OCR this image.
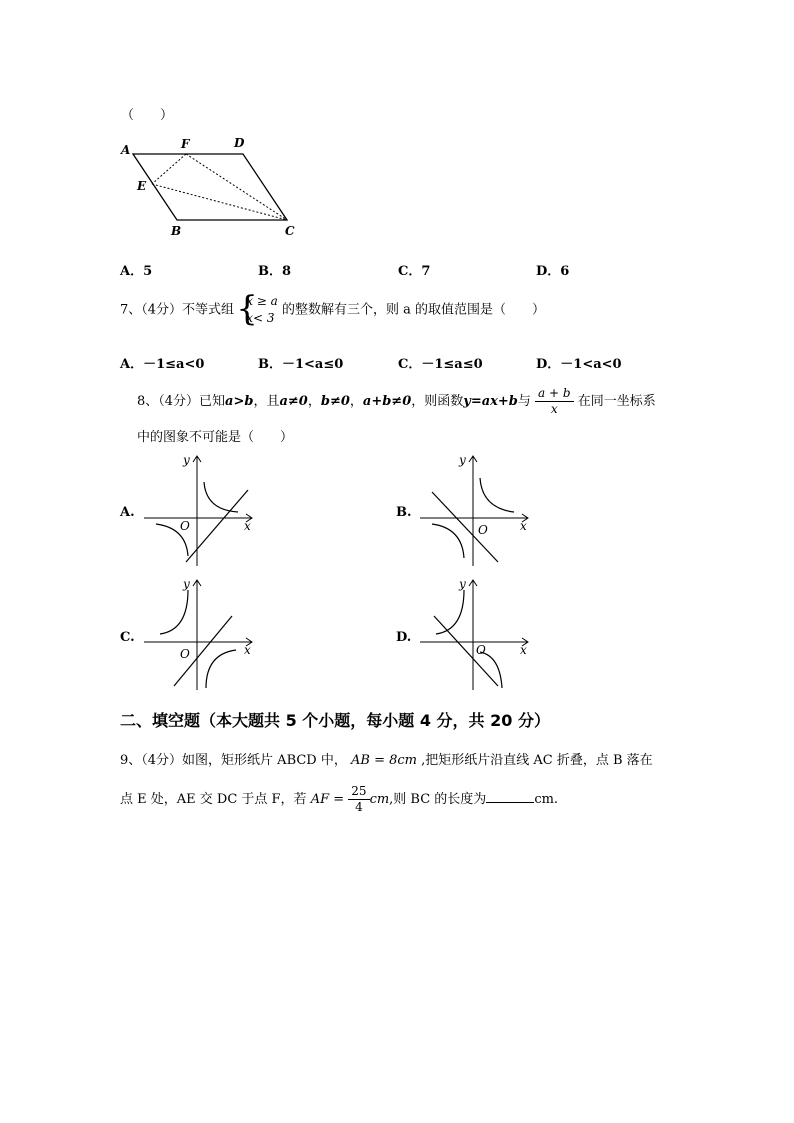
（　　）
A	F	D
E
B	C
A．5	B．8	C．7	D．6
7、（4分）不等式组
{ x ≥ a
x< 3
的整数解有三个，则 a 的取值范围是（　　）
A．－1≤a<0	B．－1<a≤0	C．－1≤a≤0	D．－1<a<0
8、（4分）已知a>b，且a≠0，b≠0，a+b≠0，则函数y=ax+b与 $\frac{a + b}{x}$ 在同一坐标系
中的图象不可能是（　　）
A.	B.
C.	D.
y
x
O
y
x
O
y
x
O
y
x
O
二、填空题（本大题共 5 个小题，每小题 4 分，共 20 分）
9、（4分）如图，矩形纸片 ABCD 中， AB = 8cm ,把矩形纸片沿直线 AC 折叠，点 B 落在
点 E 处，AE 交 DC 于点 F，若 AF = $\frac{25}{4}$ cm,则 BC 的长度为	cm.
